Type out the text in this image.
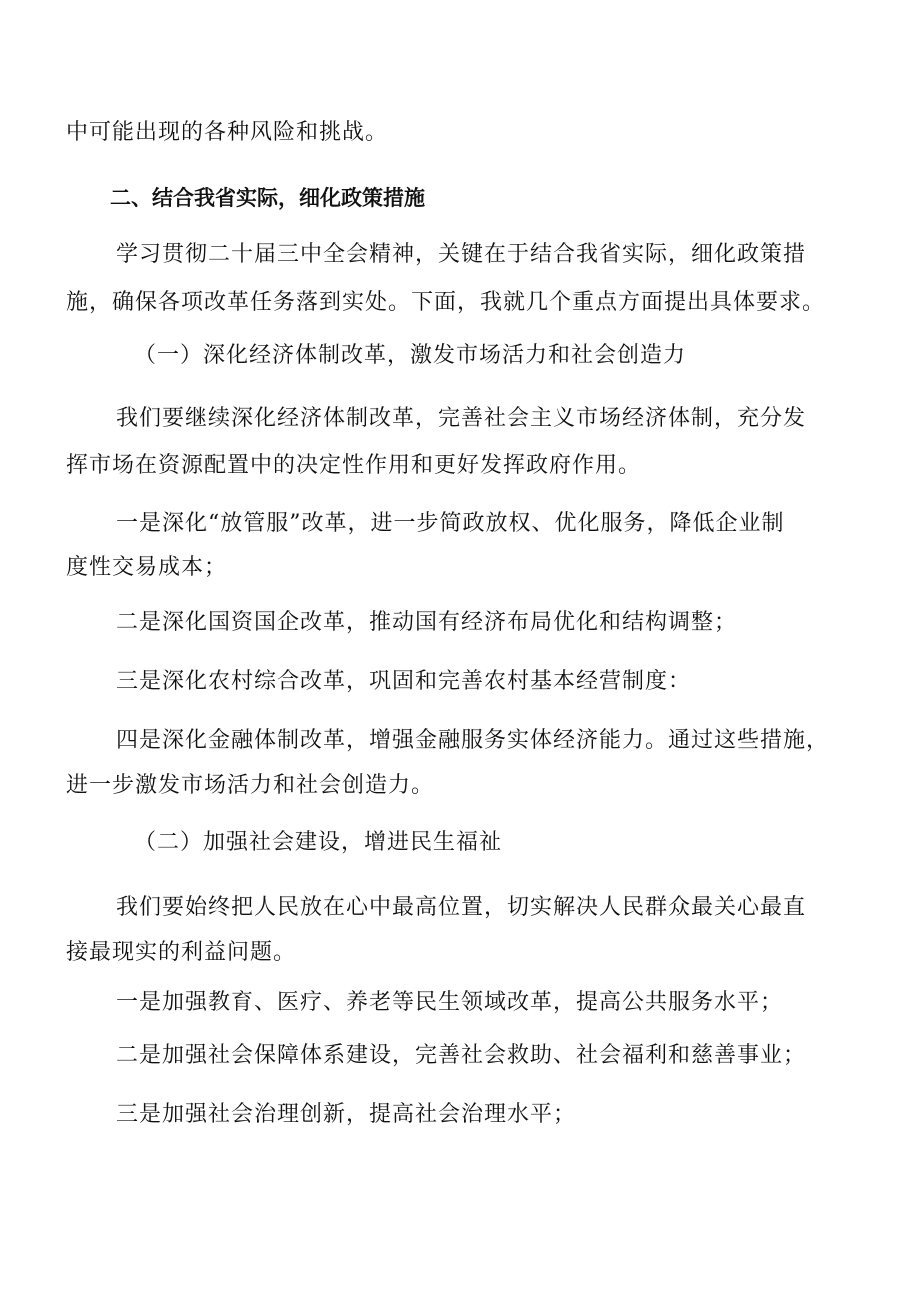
中可能出现的各种风险和挑战。
二、结合我省实际，细化政策措施
学习贯彻二十届三中全会精神，关键在于结合我省实际，细化政策措
施，确保各项改革任务落到实处。下面，我就几个重点方面提出具体要求。
（一）深化经济体制改革，激发市场活力和社会创造力
我们要继续深化经济体制改革，完善社会主义市场经济体制，充分发
挥市场在资源配置中的决定性作用和更好发挥政府作用。
一是深化“放管服”改革，进一步简政放权、优化服务，降低企业制
度性交易成本；
二是深化国资国企改革，推动国有经济布局优化和结构调整；
三是深化农村综合改革，巩固和完善农村基本经营制度：
四是深化金融体制改革，增强金融服务实体经济能力。通过这些措施，
进一步激发市场活力和社会创造力。
（二）加强社会建设，增进民生福祉
我们要始终把人民放在心中最高位置，切实解决人民群众最关心最直
接最现实的利益问题。
一是加强教育、医疗、养老等民生领域改革，提高公共服务水平；
二是加强社会保障体系建设，完善社会救助、社会福利和慈善事业；
三是加强社会治理创新，提高社会治理水平；
